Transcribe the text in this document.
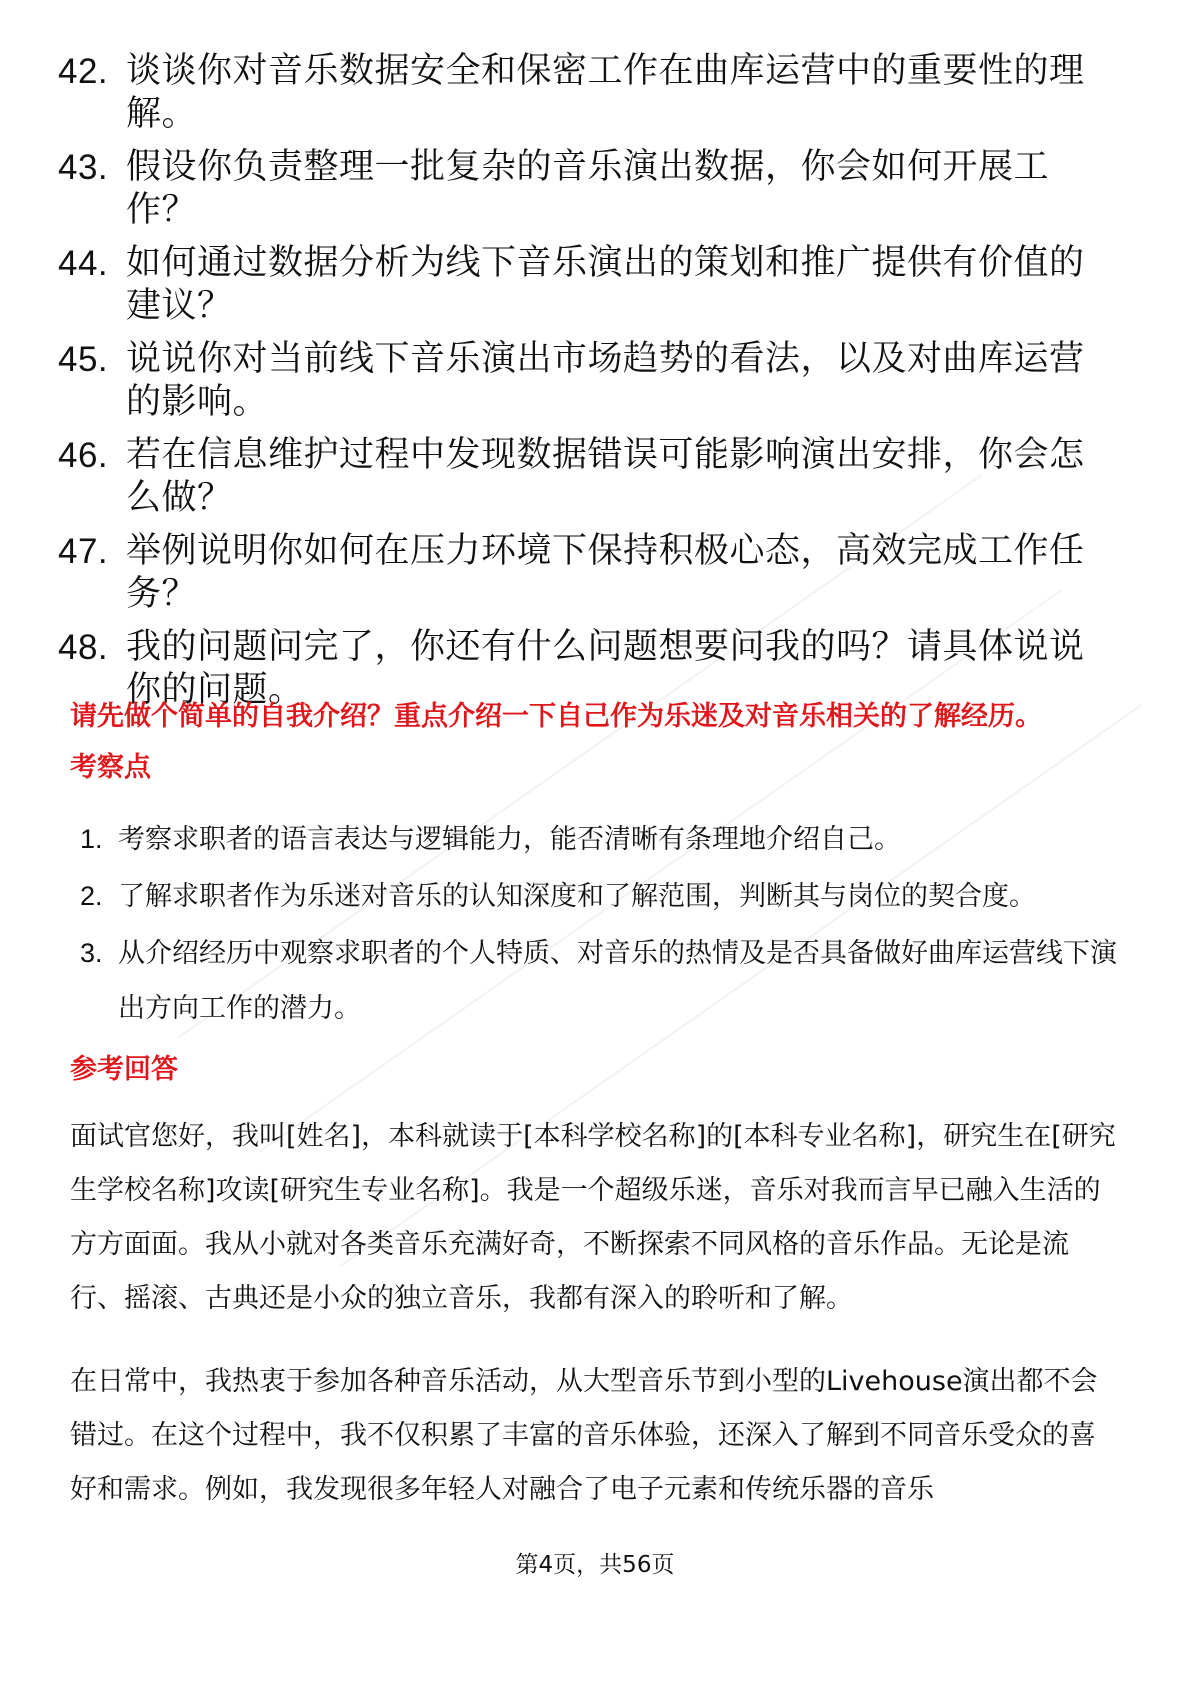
42. 谈谈你对音乐数据安全和保密工作在曲库运营中的重要性的理解。
43. 假设你负责整理一批复杂的音乐演出数据，你会如何开展工作？
44. 如何通过数据分析为线下音乐演出的策划和推广提供有价值的建议？
45. 说说你对当前线下音乐演出市场趋势的看法，以及对曲库运营的影响。
46. 若在信息维护过程中发现数据错误可能影响演出安排，你会怎么做？
47. 举例说明你如何在压力环境下保持积极心态，高效完成工作任务？
48. 我的问题问完了，你还有什么问题想要问我的吗？请具体说说你的问题。
请先做个简单的自我介绍？重点介绍一下自己作为乐迷及对音乐相关的了解经历。
考察点
1. 考察求职者的语言表达与逻辑能力，能否清晰有条理地介绍自己。
2. 了解求职者作为乐迷对音乐的认知深度和了解范围，判断其与岗位的契合度。
3. 从介绍经历中观察求职者的个人特质、对音乐的热情及是否具备做好曲库运营线下演出方向工作的潜力。
参考回答

面试官您好，我叫[姓名]，本科就读于[本科学校名称]的[本科专业名称]，研究生在[研究生学校名称]攻读[研究生专业名称]。我是一个超级乐迷，音乐对我而言早已融入生活的方方面面。我从小就对各类音乐充满好奇，不断探索不同风格的音乐作品。无论是流行、摇滚、古典还是小众的独立音乐，我都有深入的聆听和了解。

在日常中，我热衷于参加各种音乐活动，从大型音乐节到小型的Livehouse演出都不会错过。在这个过程中，我不仅积累了丰富的音乐体验，还深入了解到不同音乐受众的喜好和需求。例如，我发现很多年轻人对融合了电子元素和传统乐器的音乐

第4页，共56页
